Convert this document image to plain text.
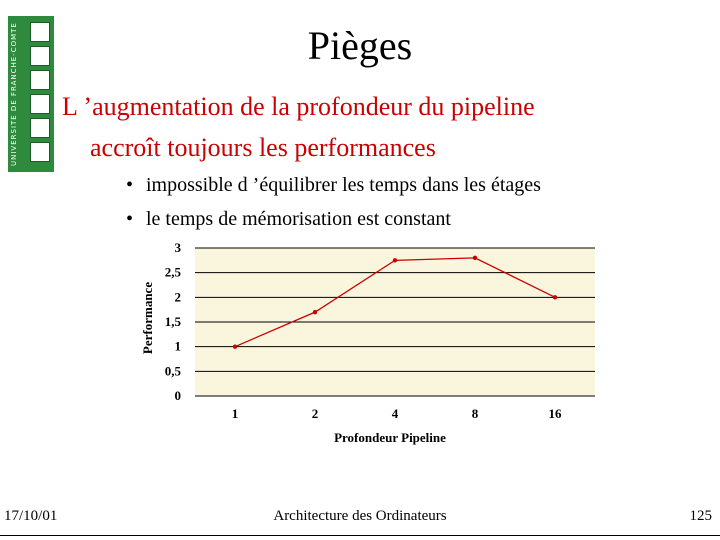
UNIVERSITE DE FRANCHE-COMTE	Pièges
L ’augmentation de la profondeur du pipeline
accroît toujours les performances
• impossible d ’équilibrer les temps dans les étages
• le temps de mémorisation est constant
0
0,5
1
1,5
2
2,5
3
1	2	4	8	16
Profondeur Pipeline
Performance
17/10/01	Architecture des Ordinateurs	125
